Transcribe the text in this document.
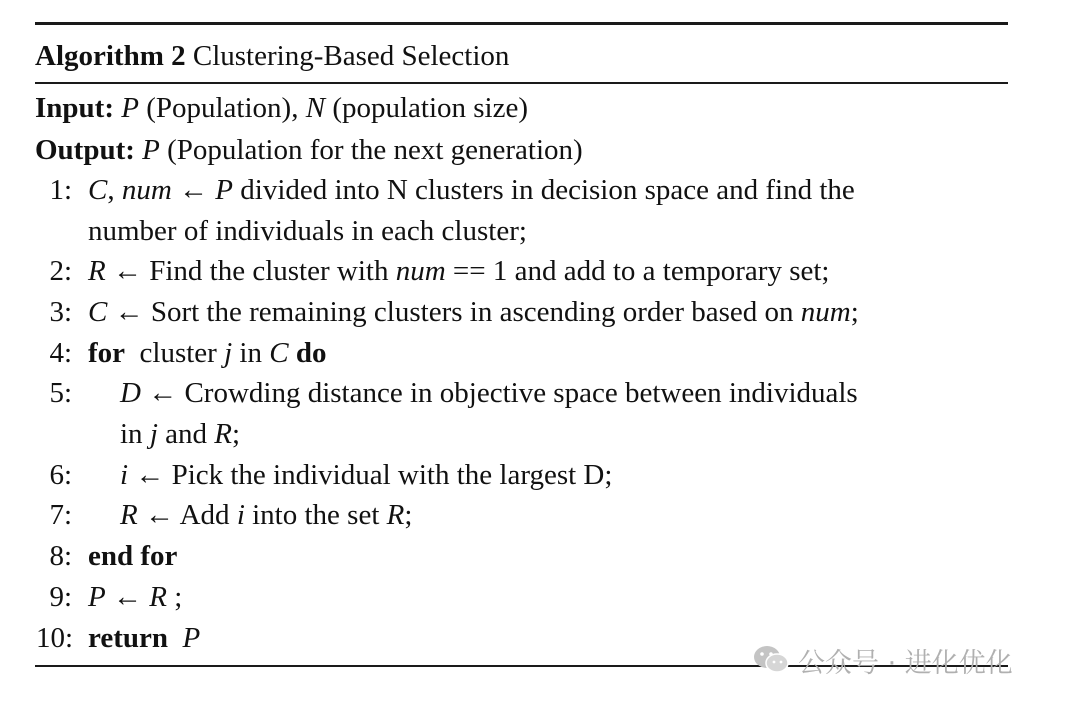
Algorithm 2 Clustering-Based Selection
Input: P (Population), N (population size)
Output: P (Population for the next generation)
1: C, num ← P divided into N clusters in decision space and find the
number of individuals in each cluster;
2: R ← Find the cluster with num == 1 and add to a temporary set;
3: C ← Sort the remaining clusters in ascending order based on num;
4: for  cluster j in C do
5: D ← Crowding distance in objective space between individuals
in j and R;
6: i ← Pick the individual with the largest D;
7: R ← Add i into the set R;
8: end for
9: P ← R ;
10: return P
公众号 · 进化优化
